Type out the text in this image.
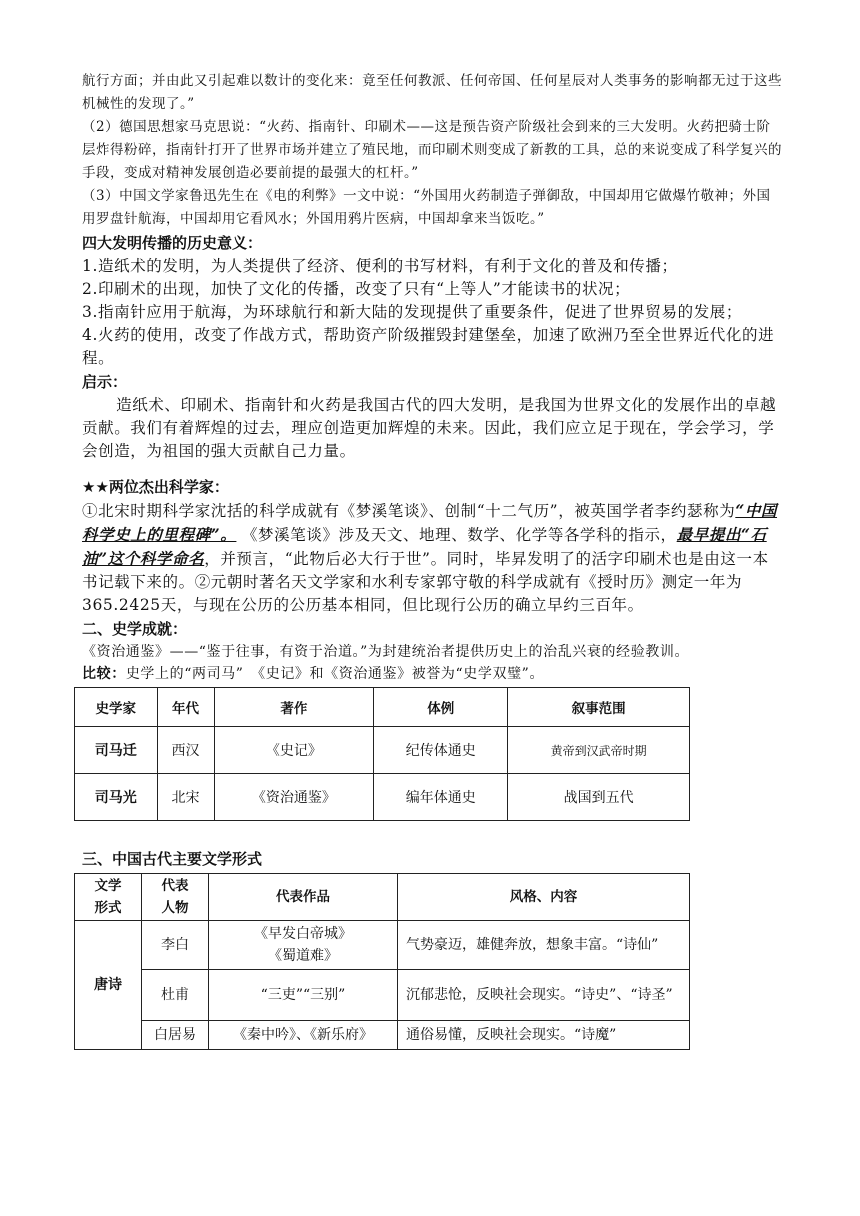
航行方面；并由此又引起难以数计的变化来：竟至任何教派、任何帝国、任何星辰对人类事务的影响都无过于这些机械性的发现了。”

（2）德国思想家马克思说：“火药、指南针、印刷术——这是预告资产阶级社会到来的三大发明。火药把骑士阶层炸得粉碎，指南针打开了世界市场并建立了殖民地，而印刷术则变成了新教的工具，总的来说变成了科学复兴的手段，变成对精神发展创造必要前提的最强大的杠杆。”

（3）中国文学家鲁迅先生在《电的利弊》一文中说：“外国用火药制造子弹御敌，中国却用它做爆竹敬神；外国用罗盘针航海，中国却用它看风水；外国用鸦片医病，中国却拿来当饭吃。”

四大发明传播的历史意义：

1.造纸术的发明，为人类提供了经济、便利的书写材料，有利于文化的普及和传播；

2.印刷术的出现，加快了文化的传播，改变了只有“上等人”才能读书的状况；

3.指南针应用于航海，为环球航行和新大陆的发现提供了重要条件，促进了世界贸易的发展；

4.火药的使用，改变了作战方式，帮助资产阶级摧毁封建堡垒，加速了欧洲乃至全世界近代化的进程。

启示：

造纸术、印刷术、指南针和火药是我国古代的四大发明，是我国为世界文化的发展作出的卓越贡献。我们有着辉煌的过去，理应创造更加辉煌的未来。因此，我们应立足于现在，学会学习，学会创造，为祖国的强大贡献自己力量。

★★两位杰出科学家：

①北宋时期科学家沈括的科学成就有《梦溪笔谈》、创制“十二气历”，被英国学者李约瑟称为“中国科学史上的里程碑”。 《梦溪笔谈》涉及天文、地理、数学、化学等各学科的指示，最早提出“石油”这个科学命名，并预言，“此物后必大行于世”。同时，毕昇发明了的活字印刷术也是由这一本书记载下来的。②元朝时著名天文学家和水利专家郭守敬的科学成就有《授时历》测定一年为365.2425天，与现在公历的公历基本相同，但比现行公历的确立早约三百年。

二、史学成就：

《资治通鉴》——“鉴于往事，有资于治道。”为封建统治者提供历史上的治乱兴衰的经验教训。

比较：史学上的“两司马”　《史记》和《资治通鉴》被誉为“史学双璧”。

史学家	年代	著作	体例	叙事范围
司马迁	西汉	《史记》	纪传体通史	黄帝到汉武帝时期
司马光	北宋	《资治通鉴》	编年体通史	战国到五代

三、中国古代主要文学形式

文学形式	代表人物	代表作品	风格、内容
唐诗	李白	《早发白帝城》《蜀道难》	气势豪迈，雄健奔放，想象丰富。“诗仙”
	杜甫	“三吏”“三别”	沉郁悲怆，反映社会现实。“诗史”、“诗圣”
	白居易	《秦中吟》、《新乐府》	通俗易懂，反映社会现实。“诗魔”
